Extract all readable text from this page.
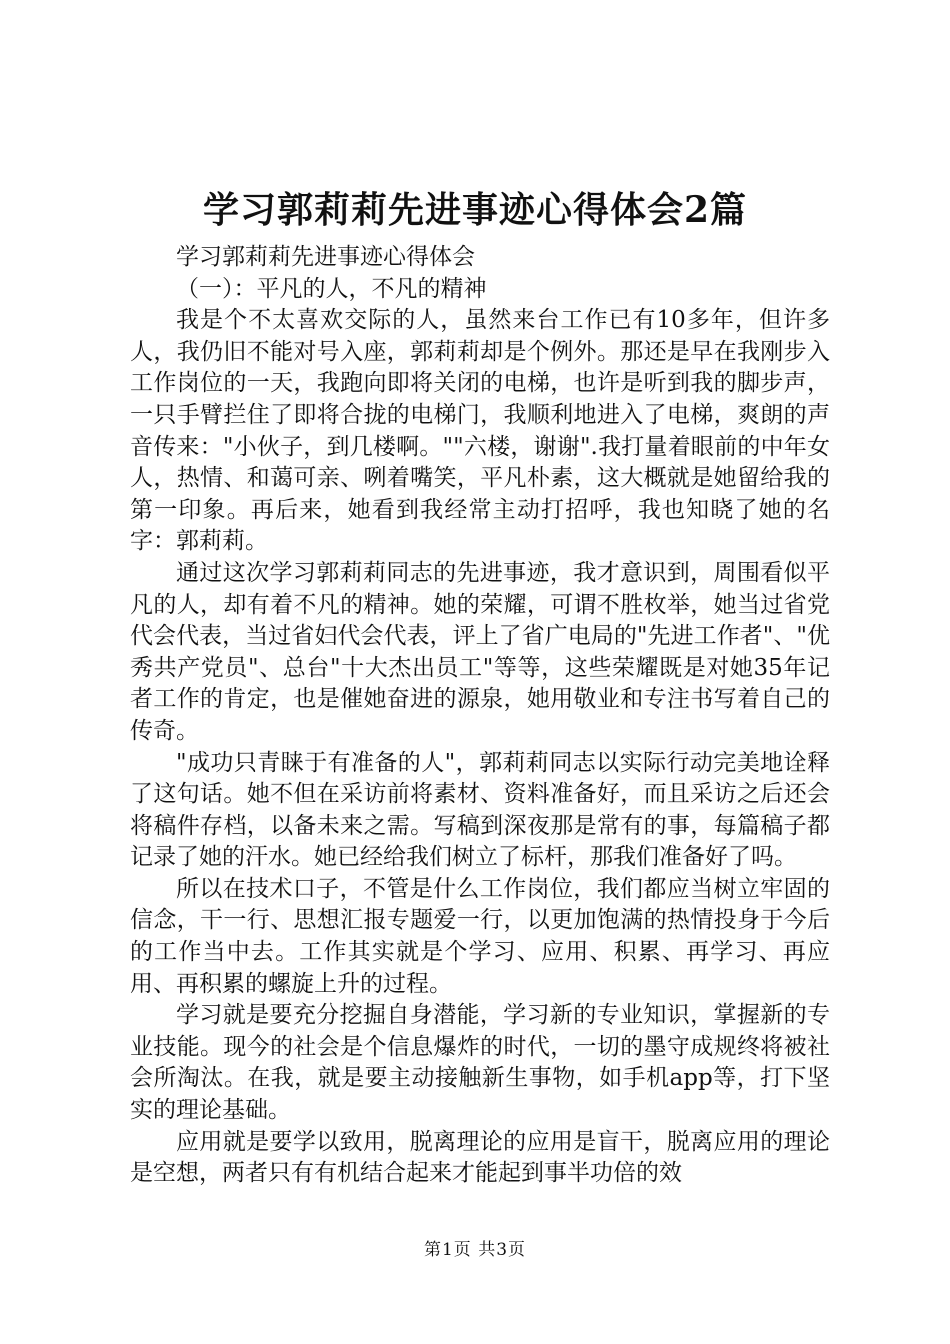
学习郭莉莉先进事迹心得体会2篇

学习郭莉莉先进事迹心得体会

（一）：平凡的人，不凡的精神

我是个不太喜欢交际的人，虽然来台工作已有10多年，但许多人，我仍旧不能对号入座，郭莉莉却是个例外。那还是早在我刚步入工作岗位的一天，我跑向即将关闭的电梯，也许是听到我的脚步声，一只手臂拦住了即将合拢的电梯门，我顺利地进入了电梯，爽朗的声音传来："小伙子，到几楼啊。""六楼，谢谢".我打量着眼前的中年女人，热情、和蔼可亲、咧着嘴笑，平凡朴素，这大概就是她留给我的第一印象。再后来，她看到我经常主动打招呼，我也知晓了她的名字：郭莉莉。

通过这次学习郭莉莉同志的先进事迹，我才意识到，周围看似平凡的人，却有着不凡的精神。她的荣耀，可谓不胜枚举，她当过省党代会代表，当过省妇代会代表，评上了省广电局的"先进工作者"、"优秀共产党员"、总台"十大杰出员工"等等，这些荣耀既是对她35年记者工作的肯定，也是催她奋进的源泉，她用敬业和专注书写着自己的传奇。

"成功只青睐于有准备的人"，郭莉莉同志以实际行动完美地诠释了这句话。她不但在采访前将素材、资料准备好，而且采访之后还会将稿件存档，以备未来之需。写稿到深夜那是常有的事，每篇稿子都记录了她的汗水。她已经给我们树立了标杆，那我们准备好了吗。

所以在技术口子，不管是什么工作岗位，我们都应当树立牢固的信念，干一行、思想汇报专题爱一行，以更加饱满的热情投身于今后的工作当中去。工作其实就是个学习、应用、积累、再学习、再应用、再积累的螺旋上升的过程。

学习就是要充分挖掘自身潜能，学习新的专业知识，掌握新的专业技能。现今的社会是个信息爆炸的时代，一切的墨守成规终将被社会所淘汰。在我，就是要主动接触新生事物，如手机app等，打下坚实的理论基础。

应用就是要学以致用，脱离理论的应用是盲干，脱离应用的理论是空想，两者只有有机结合起来才能起到事半功倍的效

第1页 共3页
